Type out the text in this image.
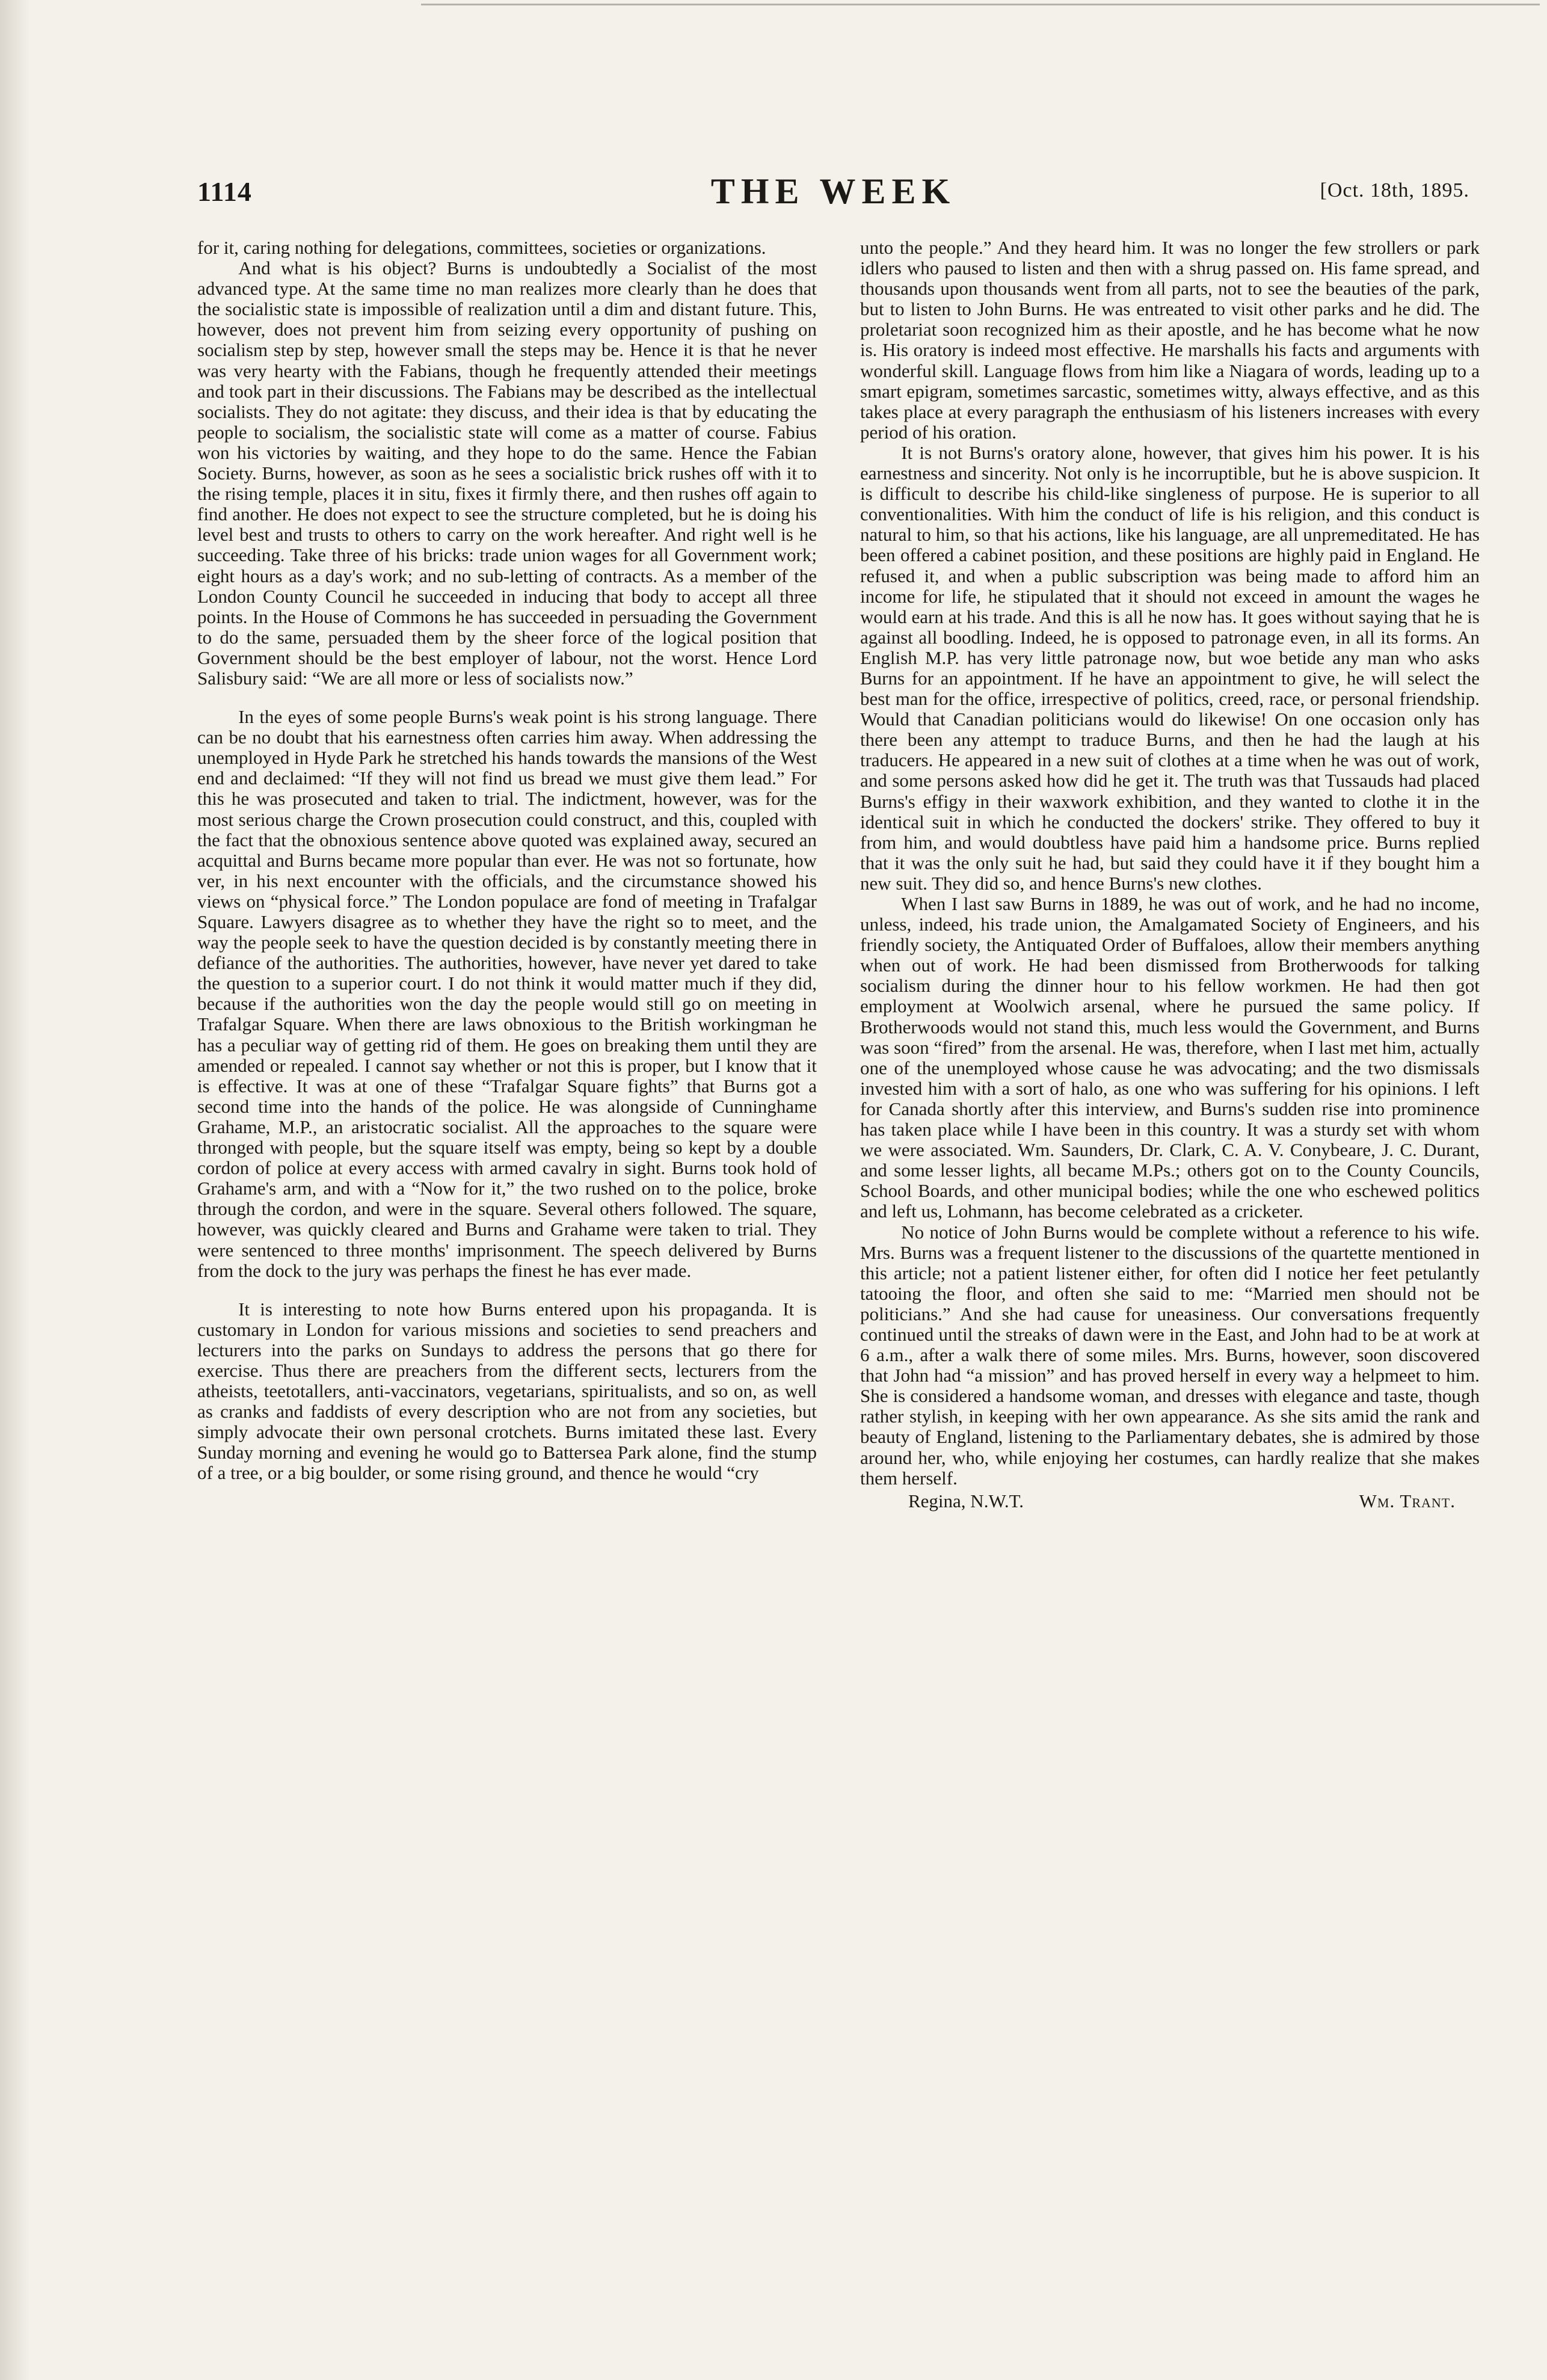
1114	THE WEEK	[Oct. 18th, 1895.

for it, caring nothing for delegations, committees, societies or organizations.

And what is his object? Burns is undoubtedly a Socialist of the most advanced type. At the same time no man realizes more clearly than he does that the socialistic state is impossible of realization until a dim and distant future. This, however, does not prevent him from seizing every opportunity of pushing on socialism step by step, however small the steps may be. Hence it is that he never was very hearty with the Fabians, though he frequently attended their meetings and took part in their discussions. The Fabians may be described as the intellectual socialists. They do not agitate: they discuss, and their idea is that by educating the people to socialism, the socialistic state will come as a matter of course. Fabius won his victories by waiting, and they hope to do the same. Hence the Fabian Society. Burns, however, as soon as he sees a socialistic brick rushes off with it to the rising temple, places it in situ, fixes it firmly there, and then rushes off again to find another. He does not expect to see the structure completed, but he is doing his level best and trusts to others to carry on the work hereafter. And right well is he succeeding. Take three of his bricks: trade union wages for all Government work; eight hours as a day's work; and no sub-letting of contracts. As a member of the London County Council he succeeded in inducing that body to accept all three points. In the House of Commons he has succeeded in persuading the Government to do the same, persuaded them by the sheer force of the logical position that Government should be the best employer of labour, not the worst. Hence Lord Salisbury said: “We are all more or less of socialists now.”

In the eyes of some people Burns's weak point is his strong language. There can be no doubt that his earnestness often carries him away. When addressing the unemployed in Hyde Park he stretched his hands towards the mansions of the West end and declaimed: “If they will not find us bread we must give them lead.” For this he was prosecuted and taken to trial. The indictment, however, was for the most serious charge the Crown prosecution could construct, and this, coupled with the fact that the obnoxious sentence above quoted was explained away, secured an acquittal and Burns became more popular than ever. He was not so fortunate, how ver, in his next encounter with the officials, and the circumstance showed his views on “physical force.” The London populace are fond of meeting in Trafalgar Square. Lawyers disagree as to whether they have the right so to meet, and the way the people seek to have the question decided is by constantly meeting there in defiance of the authorities. The authorities, however, have never yet dared to take the question to a superior court. I do not think it would matter much if they did, because if the authorities won the day the people would still go on meeting in Trafalgar Square. When there are laws obnoxious to the British workingman he has a peculiar way of getting rid of them. He goes on breaking them until they are amended or repealed. I cannot say whether or not this is proper, but I know that it is effective. It was at one of these “Trafalgar Square fights” that Burns got a second time into the hands of the police. He was alongside of Cunninghame Grahame, M.P., an aristocratic socialist. All the approaches to the square were thronged with people, but the square itself was empty, being so kept by a double cordon of police at every access with armed cavalry in sight. Burns took hold of Grahame's arm, and with a “Now for it,” the two rushed on to the police, broke through the cordon, and were in the square. Several others followed. The square, however, was quickly cleared and Burns and Grahame were taken to trial. They were sentenced to three months' imprisonment. The speech delivered by Burns from the dock to the jury was perhaps the finest he has ever made.

It is interesting to note how Burns entered upon his propaganda. It is customary in London for various missions and societies to send preachers and lecturers into the parks on Sundays to address the persons that go there for exercise. Thus there are preachers from the different sects, lecturers from the atheists, teetotallers, anti-vaccinators, vegetarians, spiritualists, and so on, as well as cranks and faddists of every description who are not from any societies, but simply advocate their own personal crotchets. Burns imitated these last. Every Sunday morning and evening he would go to Battersea Park alone, find the stump of a tree, or a big boulder, or some rising ground, and thence he would “cry

unto the people.” And they heard him. It was no longer the few strollers or park idlers who paused to listen and then with a shrug passed on. His fame spread, and thousands upon thousands went from all parts, not to see the beauties of the park, but to listen to John Burns. He was entreated to visit other parks and he did. The proletariat soon recognized him as their apostle, and he has become what he now is. His oratory is indeed most effective. He marshalls his facts and arguments with wonderful skill. Language flows from him like a Niagara of words, leading up to a smart epigram, sometimes sarcastic, sometimes witty, always effective, and as this takes place at every paragraph the enthusiasm of his listeners increases with every period of his oration.

It is not Burns's oratory alone, however, that gives him his power. It is his earnestness and sincerity. Not only is he incorruptible, but he is above suspicion. It is difficult to describe his child-like singleness of purpose. He is superior to all conventionalities. With him the conduct of life is his religion, and this conduct is natural to him, so that his actions, like his language, are all unpremeditated. He has been offered a cabinet position, and these positions are highly paid in England. He refused it, and when a public subscription was being made to afford him an income for life, he stipulated that it should not exceed in amount the wages he would earn at his trade. And this is all he now has. It goes without saying that he is against all boodling. Indeed, he is opposed to patronage even, in all its forms. An English M.P. has very little patronage now, but woe betide any man who asks Burns for an appointment. If he have an appointment to give, he will select the best man for the office, irrespective of politics, creed, race, or personal friendship. Would that Canadian politicians would do likewise! On one occasion only has there been any attempt to traduce Burns, and then he had the laugh at his traducers. He appeared in a new suit of clothes at a time when he was out of work, and some persons asked how did he get it. The truth was that Tussauds had placed Burns's effigy in their waxwork exhibition, and they wanted to clothe it in the identical suit in which he conducted the dockers' strike. They offered to buy it from him, and would doubtless have paid him a handsome price. Burns replied that it was the only suit he had, but said they could have it if they bought him a new suit. They did so, and hence Burns's new clothes.

When I last saw Burns in 1889, he was out of work, and he had no income, unless, indeed, his trade union, the Amalgamated Society of Engineers, and his friendly society, the Antiquated Order of Buffaloes, allow their members anything when out of work. He had been dismissed from Brotherwoods for talking socialism during the dinner hour to his fellow workmen. He had then got employment at Woolwich arsenal, where he pursued the same policy. If Brotherwoods would not stand this, much less would the Government, and Burns was soon “fired” from the arsenal. He was, therefore, when I last met him, actually one of the unemployed whose cause he was advocating; and the two dismissals invested him with a sort of halo, as one who was suffering for his opinions. I left for Canada shortly after this interview, and Burns's sudden rise into prominence has taken place while I have been in this country. It was a sturdy set with whom we were associated. Wm. Saunders, Dr. Clark, C. A. V. Conybeare, J. C. Durant, and some lesser lights, all became M.Ps.; others got on to the County Councils, School Boards, and other municipal bodies; while the one who eschewed politics and left us, Lohmann, has become celebrated as a cricketer.

No notice of John Burns would be complete without a reference to his wife. Mrs. Burns was a frequent listener to the discussions of the quartette mentioned in this article; not a patient listener either, for often did I notice her feet petulantly tatooing the floor, and often she said to me: “Married men should not be politicians.” And she had cause for uneasiness. Our conversations frequently continued until the streaks of dawn were in the East, and John had to be at work at 6 a.m., after a walk there of some miles. Mrs. Burns, however, soon discovered that John had “a mission” and has proved herself in every way a helpmeet to him. She is considered a handsome woman, and dresses with elegance and taste, though rather stylish, in keeping with her own appearance. As she sits amid the rank and beauty of England, listening to the Parliamentary debates, she is admired by those around her, who, while enjoying her costumes, can hardly realize that she makes them herself.

Regina, N.W.T.	Wm. Trant.
